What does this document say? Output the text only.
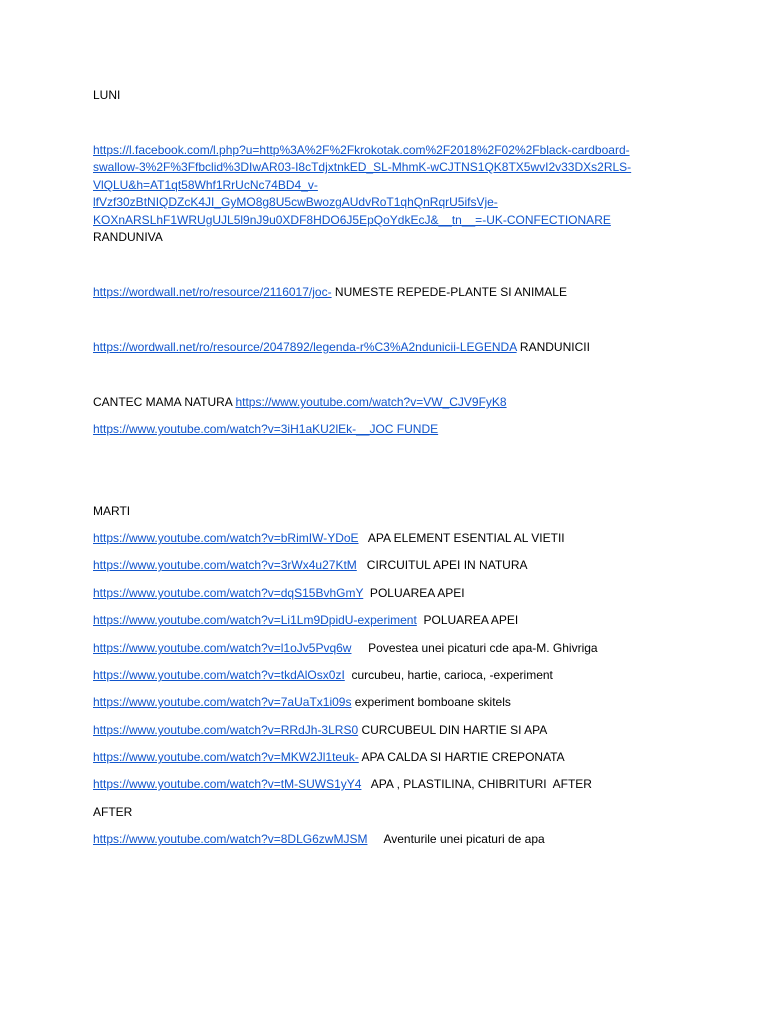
LUNI
https://l.facebook.com/l.php?u=http%3A%2F%2Fkrokotak.com%2F2018%2F02%2Fblack-cardboard-
swallow-3%2F%3Ffbclid%3DIwAR03-I8cTdjxtnkED_SL-MhmK-wCJTNS1QK8TX5wvI2v33DXs2RLS-
VlQLU&h=AT1qt58Whf1RrUcNc74BD4_v-
lfVzf30zBtNIQDZcK4JI_GyMO8g8U5cwBwozgAUdvRoT1qhQnRqrU5ifsVje-
KOXnARSLhF1WRUgUJL5l9nJ9u0XDF8HDO6J5EpQoYdkEcJ&__tn__=-UK-CONFECTIONARE
RANDUNIVA
https://wordwall.net/ro/resource/2116017/joc- NUMESTE REPEDE-PLANTE SI ANIMALE
https://wordwall.net/ro/resource/2047892/legenda-r%C3%A2ndunicii-LEGENDA RANDUNICII
CANTEC MAMA NATURA https://www.youtube.com/watch?v=VW_CJV9FyK8
https://www.youtube.com/watch?v=3iH1aKU2lEk-__JOC FUNDE
MARTI
https://www.youtube.com/watch?v=bRimIW-YDoE   APA ELEMENT ESENTIAL AL VIETII
https://www.youtube.com/watch?v=3rWx4u27KtM   CIRCUITUL APEI IN NATURA
https://www.youtube.com/watch?v=dqS15BvhGmY  POLUAREA APEI
https://www.youtube.com/watch?v=Li1Lm9DpidU-experiment  POLUAREA APEI
https://www.youtube.com/watch?v=l1oJv5Pvq6w     Povestea unei picaturi cde apa-M. Ghivriga
https://www.youtube.com/watch?v=tkdAlOsx0zI  curcubeu, hartie, carioca, -experiment
https://www.youtube.com/watch?v=7aUaTx1i09s experiment bomboane skitels
https://www.youtube.com/watch?v=RRdJh-3LRS0 CURCUBEUL DIN HARTIE SI APA
https://www.youtube.com/watch?v=MKW2Jl1teuk- APA CALDA SI HARTIE CREPONATA
https://www.youtube.com/watch?v=tM-SUWS1yY4   APA , PLASTILINA, CHIBRITURI  AFTER
AFTER
https://www.youtube.com/watch?v=8DLG6zwMJSM     Aventurile unei picaturi de apa
